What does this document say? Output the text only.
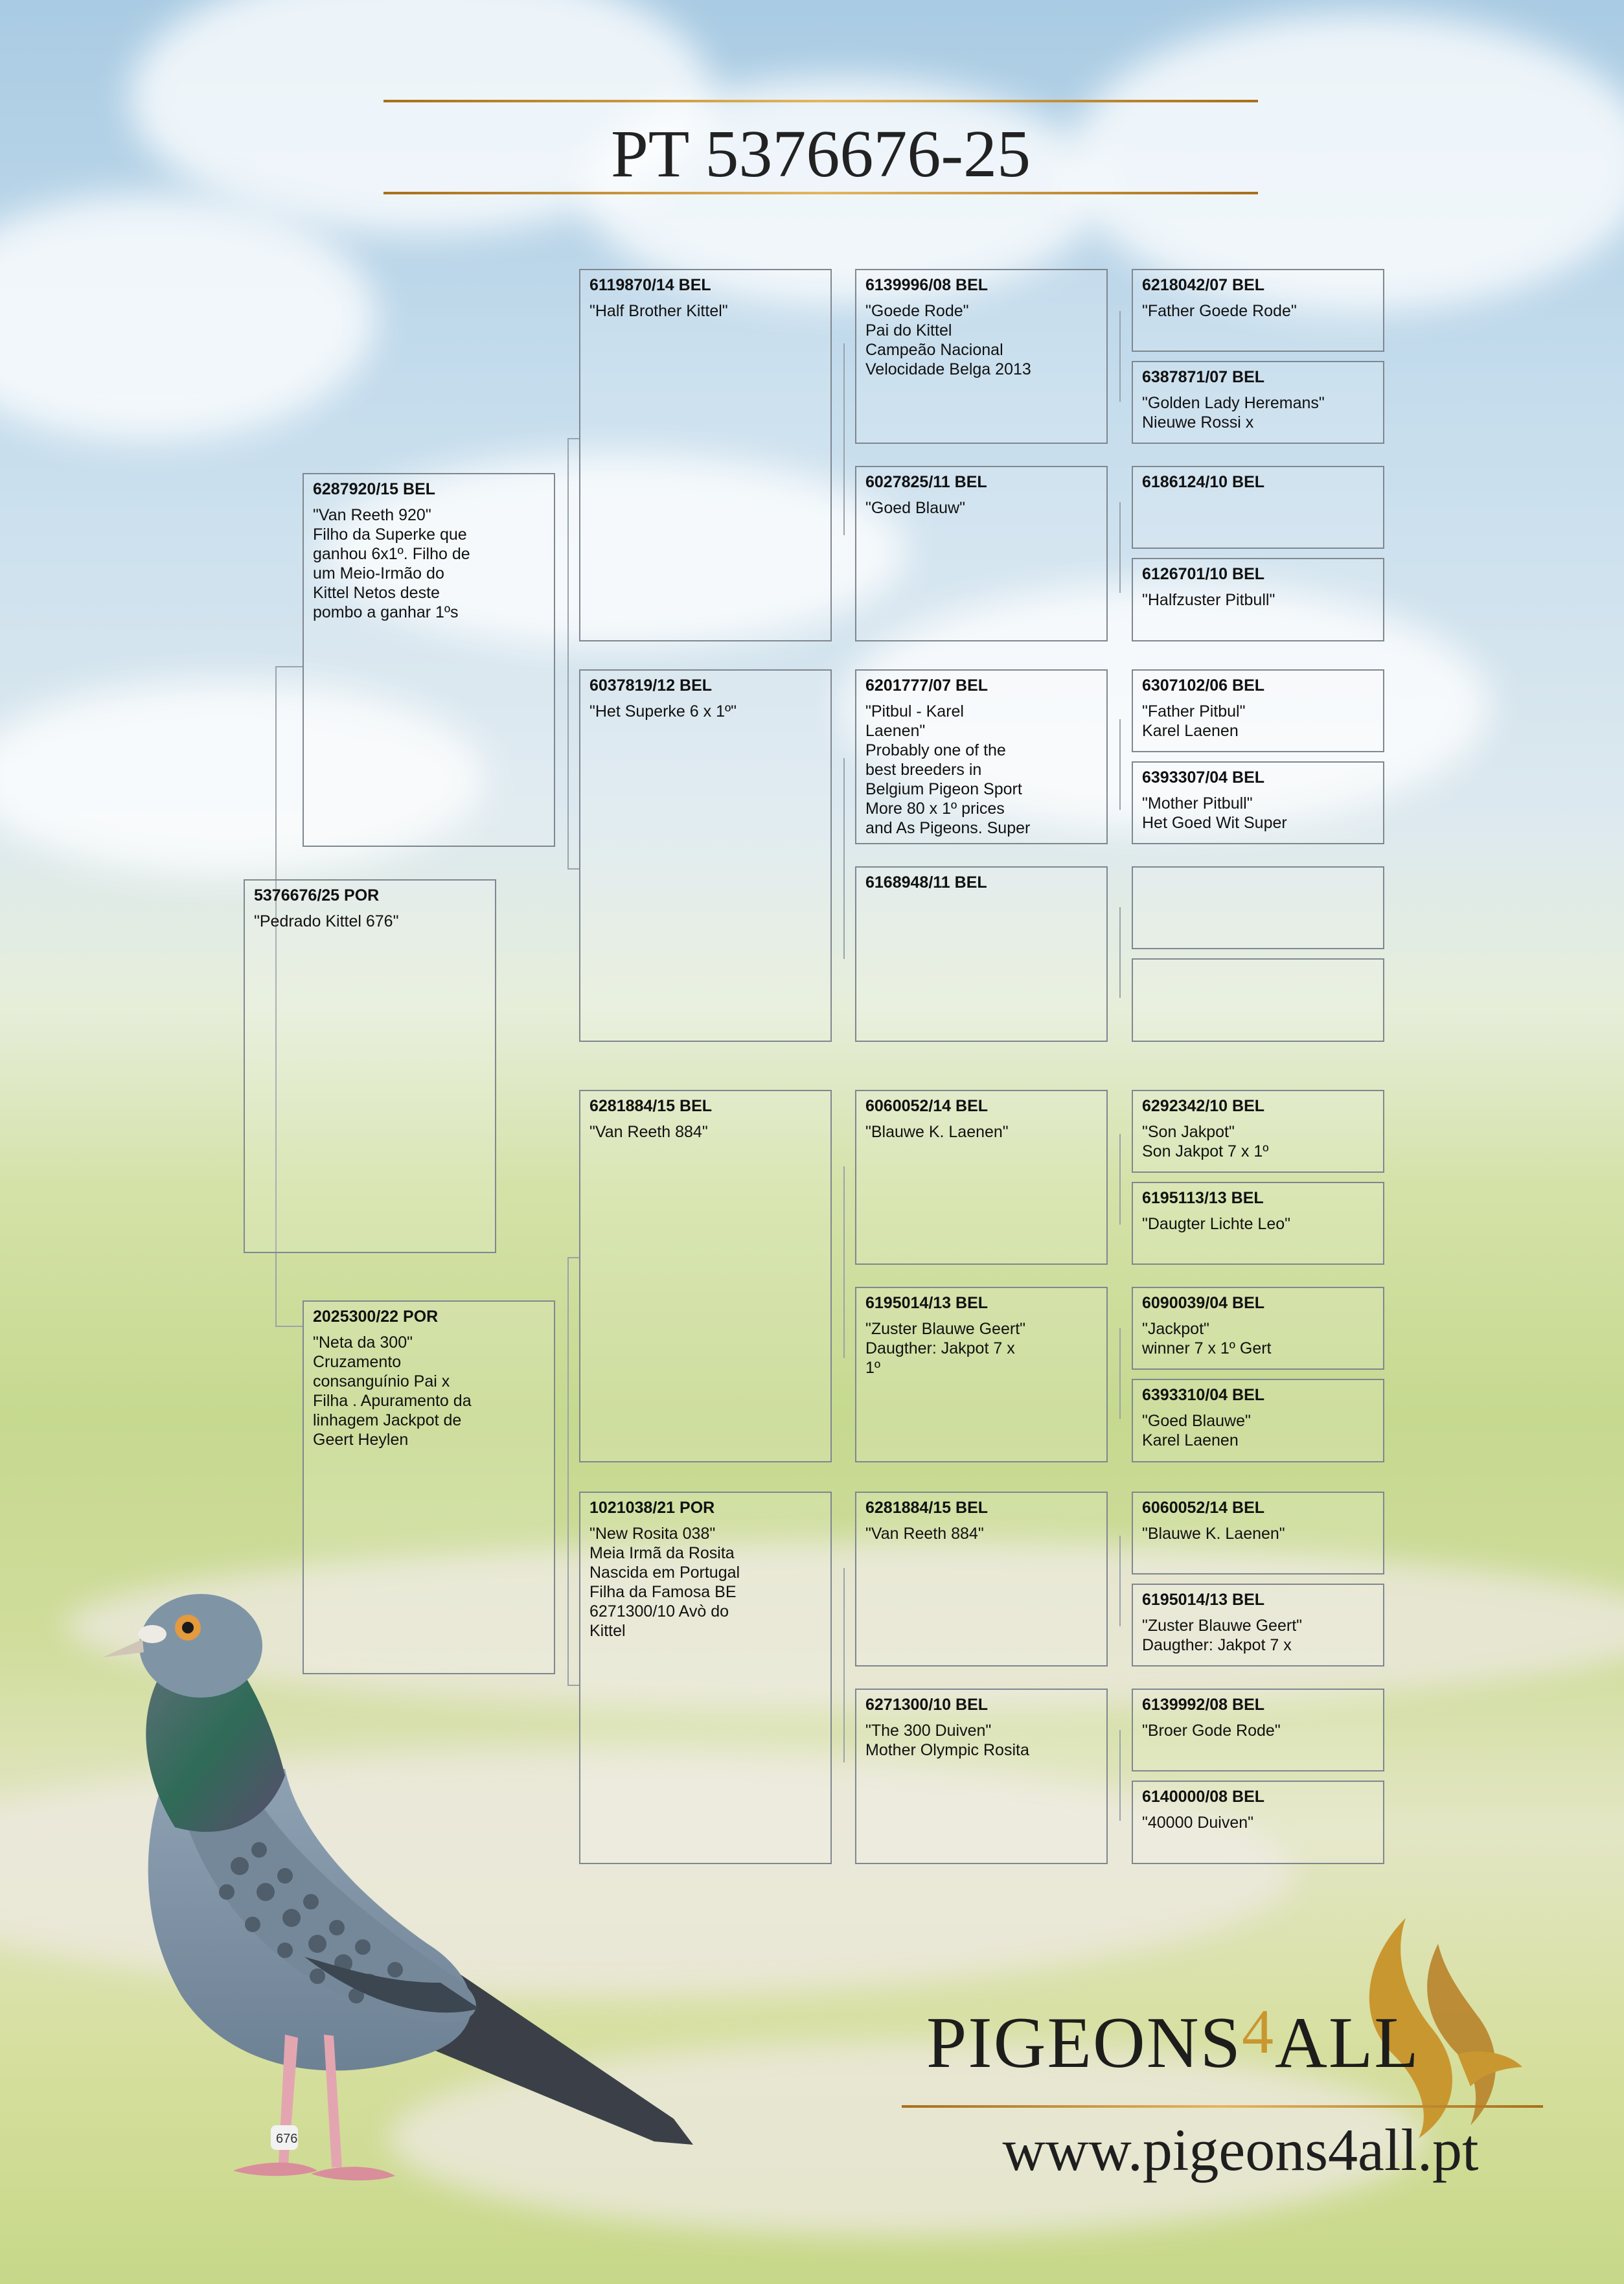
PT 5376676-25
5376676/25 POR
"Pedrado Kittel 676"
6287920/15 BEL
"Van Reeth 920"
Filho da Superke que
ganhou 6x1º. Filho de
um Meio-Irmão do
Kittel Netos deste
pombo a ganhar 1ºs
2025300/22 POR
"Neta da 300"
Cruzamento
consanguínio Pai x
Filha . Apuramento da
linhagem Jackpot de
Geert Heylen
6119870/14 BEL
"Half Brother Kittel"
6037819/12 BEL
"Het Superke 6 x 1º"
6281884/15 BEL
"Van Reeth 884"
1021038/21 POR
"New Rosita 038"
Meia Irmã da Rosita
Nascida em Portugal
Filha da Famosa BE
6271300/10 Avò do
Kittel
6139996/08 BEL
"Goede Rode"
Pai do Kittel
Campeão Nacional
Velocidade Belga 2013
6027825/11 BEL
"Goed Blauw"
6201777/07 BEL
"Pitbul - Karel
Laenen"
Probably one of the
best breeders in
Belgium Pigeon Sport
More 80 x 1º prices
and As Pigeons. Super
6168948/11 BEL
6060052/14 BEL
"Blauwe K. Laenen"
6195014/13 BEL
"Zuster Blauwe Geert"
Daugther: Jakpot 7 x
1º
6281884/15 BEL
"Van Reeth 884"
6271300/10 BEL
"The 300 Duiven"
Mother Olympic Rosita
6218042/07 BEL
"Father Goede Rode"
6387871/07 BEL
"Golden Lady Heremans"
Nieuwe Rossi x
6186124/10 BEL
6126701/10 BEL
"Halfzuster Pitbull"
6307102/06 BEL
"Father Pitbul"
Karel Laenen
6393307/04 BEL
"Mother Pitbull"
Het Goed Wit Super
6292342/10 BEL
"Son Jakpot"
Son Jakpot 7 x 1º
6195113/13 BEL
"Daugter Lichte Leo"
6090039/04 BEL
"Jackpot"
winner 7 x 1º Gert
6393310/04 BEL
"Goed Blauwe"
Karel Laenen
6060052/14 BEL
"Blauwe K. Laenen"
6195014/13 BEL
"Zuster Blauwe Geert"
Daugther: Jakpot 7 x
6139992/08 BEL
"Broer Gode Rode"
6140000/08 BEL
"40000 Duiven"
676
PIGEONS4ALL
www.pigeons4all.pt
